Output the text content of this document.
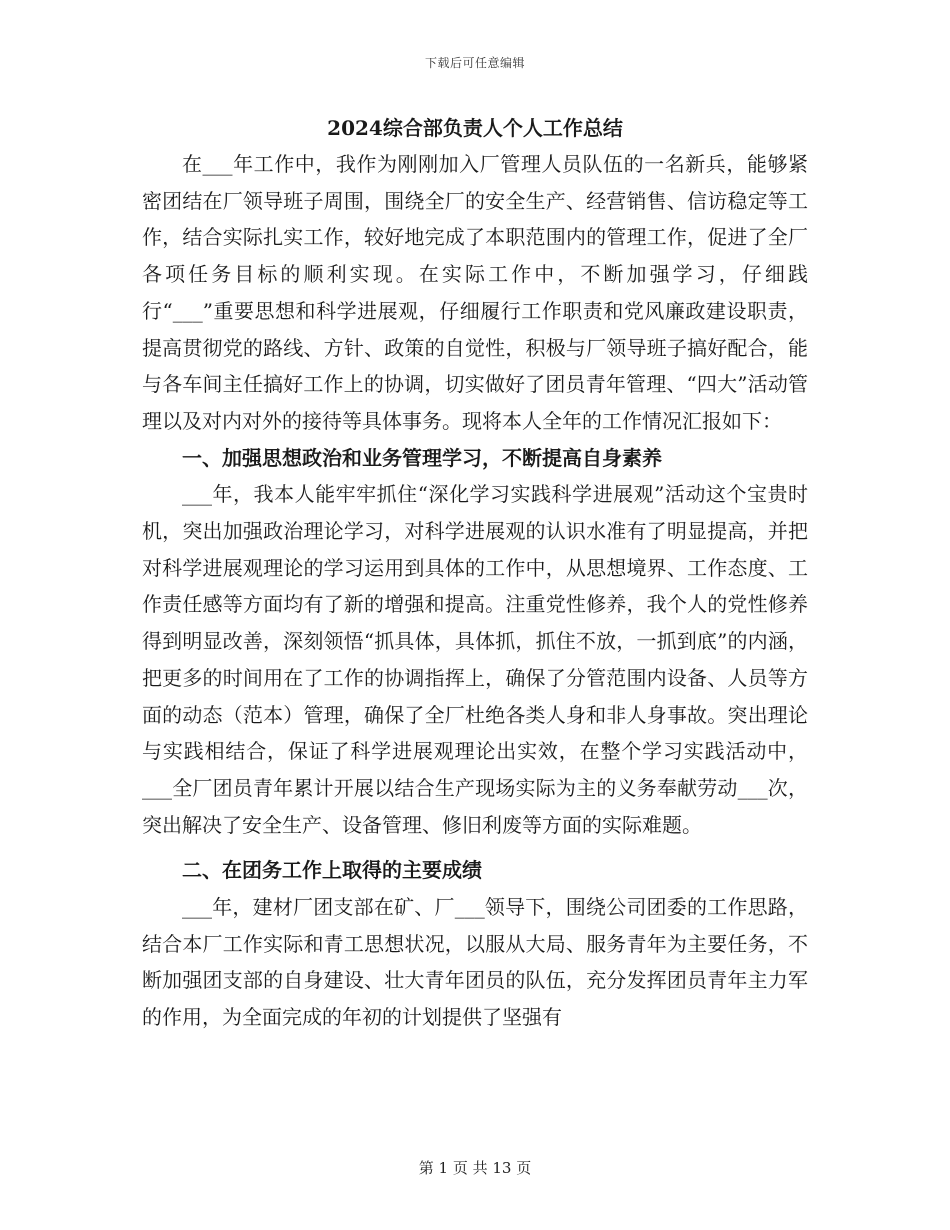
下载后可任意编辑
2024综合部负责人个人工作总结

在___年工作中，我作为刚刚加入厂管理人员队伍的一名新兵，能够紧密团结在厂领导班子周围，围绕全厂的安全生产、经营销售、信访稳定等工作，结合实际扎实工作，较好地完成了本职范围内的管理工作，促进了全厂各项任务目标的顺利实现。在实际工作中，不断加强学习，仔细践行“___”重要思想和科学进展观，仔细履行工作职责和党风廉政建设职责，提高贯彻党的路线、方针、政策的自觉性，积极与厂领导班子搞好配合，能与各车间主任搞好工作上的协调，切实做好了团员青年管理、“四大”活动管理以及对内对外的接待等具体事务。现将本人全年的工作情况汇报如下：

一、加强思想政治和业务管理学习，不断提高自身素养

___年，我本人能牢牢抓住“深化学习实践科学进展观”活动这个宝贵时机，突出加强政治理论学习，对科学进展观的认识水准有了明显提高，并把对科学进展观理论的学习运用到具体的工作中，从思想境界、工作态度、工作责任感等方面均有了新的增强和提高。注重党性修养，我个人的党性修养得到明显改善，深刻领悟“抓具体，具体抓，抓住不放，一抓到底”的内涵，把更多的时间用在了工作的协调指挥上，确保了分管范围内设备、人员等方面的动态（范本）管理，确保了全厂杜绝各类人身和非人身事故。突出理论与实践相结合，保证了科学进展观理论出实效，在整个学习实践活动中，___全厂团员青年累计开展以结合生产现场实际为主的义务奉献劳动___次，突出解决了安全生产、设备管理、修旧利废等方面的实际难题。

二、在团务工作上取得的主要成绩

___年，建材厂团支部在矿、厂___领导下，围绕公司团委的工作思路，结合本厂工作实际和青工思想状况，以服从大局、服务青年为主要任务，不断加强团支部的自身建设、壮大青年团员的队伍，充分发挥团员青年主力军的作用，为全面完成的年初的计划提供了坚强有

第 1 页 共 13 页
